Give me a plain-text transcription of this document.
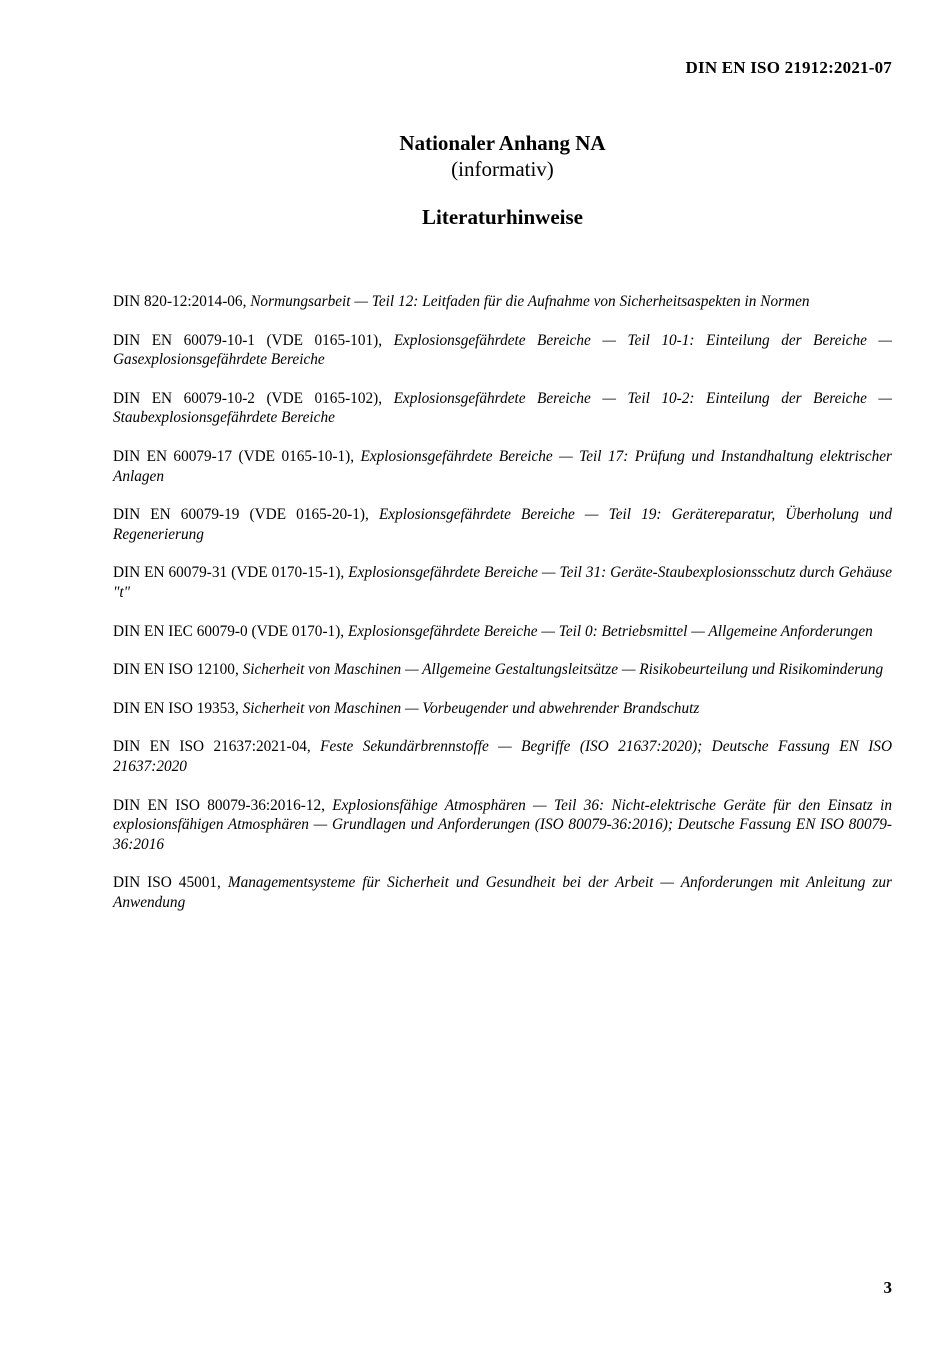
DIN EN ISO 21912:2021-07
Nationaler Anhang NA
(informativ)
Literaturhinweise

DIN 820-12:2014-06, Normungsarbeit — Teil 12: Leitfaden für die Aufnahme von Sicherheitsaspekten in Normen

DIN EN 60079-10-1 (VDE 0165-101), Explosionsgefährdete Bereiche — Teil 10-1: Einteilung der Bereiche — Gasexplosionsgefährdete Bereiche

DIN EN 60079-10-2 (VDE 0165-102), Explosionsgefährdete Bereiche — Teil 10-2: Einteilung der Bereiche — Staubexplosionsgefährdete Bereiche

DIN EN 60079-17 (VDE 0165-10-1), Explosionsgefährdete Bereiche — Teil 17: Prüfung und Instandhaltung elektrischer Anlagen

DIN EN 60079-19 (VDE 0165-20-1), Explosionsgefährdete Bereiche — Teil 19: Gerätereparatur, Überholung und Regenerierung

DIN EN 60079-31 (VDE 0170-15-1), Explosionsgefährdete Bereiche — Teil 31: Geräte-Staubexplosionsschutz durch Gehäuse "t"

DIN EN IEC 60079-0 (VDE 0170-1), Explosionsgefährdete Bereiche — Teil 0: Betriebsmittel — Allgemeine Anforderungen

DIN EN ISO 12100, Sicherheit von Maschinen — Allgemeine Gestaltungsleitsätze — Risikobeurteilung und Risikominderung

DIN EN ISO 19353, Sicherheit von Maschinen — Vorbeugender und abwehrender Brandschutz

DIN EN ISO 21637:2021-04, Feste Sekundärbrennstoffe — Begriffe (ISO 21637:2020); Deutsche Fassung EN ISO 21637:2020

DIN EN ISO 80079-36:2016-12, Explosionsfähige Atmosphären — Teil 36: Nicht-elektrische Geräte für den Einsatz in explosionsfähigen Atmosphären — Grundlagen und Anforderungen (ISO 80079-36:2016); Deutsche Fassung EN ISO 80079-36:2016

DIN ISO 45001, Managementsysteme für Sicherheit und Gesundheit bei der Arbeit — Anforderungen mit Anleitung zur Anwendung

3
